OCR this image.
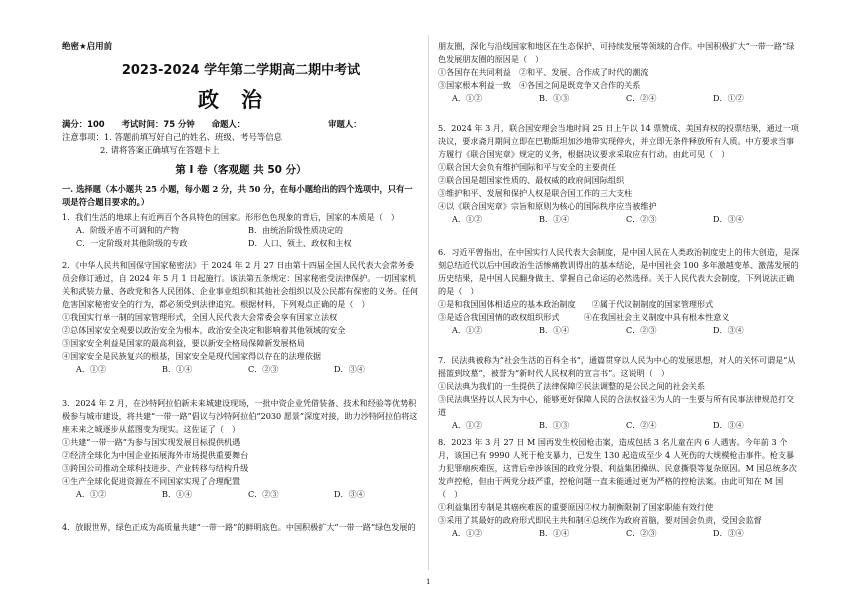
绝密★启用前
2023-2024 学年第二学期高二期中考试
政治
满分：100 考试时间：75 分钟 命题人：	审题人：
注意事项：1. 答题前填写好自己的姓名、班级、考号等信息
2. 请将答案正确填写在答题卡上
第 I 卷（客观题 共 50 分）
一. 选择题（本小题共 25 小题，每小题 2 分，共 50 分，在每小题给出的四个选项中，只有一项是符合题目要求的。）

1．我们生活的地球上有近两百个各具特色的国家。形形色色现象的背后，国家的本质是（　）

A．阶级矛盾不可调和的产物	B．由统治阶级性质决定的
C．一定阶级对其他阶级的专政	D．人口、领土、政权和主权

2．《中华人民共和国保守国家秘密法》于 2024 年 2 月 27 日由第十四届全国人民代表大会常务委员会修订通过，自 2024 年 5 月 1 日起施行。该法第五条规定：国家秘密受法律保护。一切国家机关和武装力量、各政党和各人民团体、企业事业组织和其他社会组织以及公民都有保密的义务。任何危害国家秘密安全的行为，都必须受到法律追究。根据材料，下列观点正确的是（　）

①我国实行单一制的国家管理形式，全国人民代表大会常委会享有国家立法权

②总体国家安全观要以政治安全为根本，政治安全决定和影响着其他领域的安全

③国家安全利益是国家的最高利益，要以新安全格局保障新发展格局

④国家安全是民族复兴的根基，国家安全是现代国家得以存在的法理依据

A．①②	B．①④	C．②③	D．③④

3．2024 年 2 月，在沙特阿拉伯新未来城建设现场，一批中资企业凭借装备、技术和经验等优势积极参与城市建设，将共建“一带一路”倡议与沙特阿拉伯“2030 愿景”深度对接，助力沙特阿拉伯将这座未来之城逐步从蓝图变为现实。这佐证了（　）

①共建“一带一路”为参与国实现发展目标提供机遇

②经济全球化为中国企业拓展海外市场提供重要舞台

③跨国公司推动全球科技进步、产业转移与结构升级

④生产全球化促进资源在不同国家实现了合理配置

A．①②	B．①④	C．②③	D．③④

4．放眼世界，绿色正成为高质量共建“一带一路”的鲜明底色。中国积极扩大“一带一路”绿色发展的

朋友圈，深化与沿线国家和地区在生态保护、可持续发展等领域的合作。中国积极扩大“一带一路”绿色发展朋友圈的原因是（　）

①各国存在共同利益　②和平、发展、合作成了时代的潮流

③国家根本利益一致　④各国之间是既竞争又合作的关系

A．①②	B．①③	C．②④	D．①②

5．2024 年 3 月，联合国安理会当地时间 25 日上午以 14 票赞成、美国弃权的投票结果，通过一项决议，要求斋月期间立即在巴勒斯坦加沙地带实现停火，并立即无条件释放所有人质。中方要求当事方履行《联合国宪章》规定的义务，根据决议要求采取应有行动。由此可见（　）

①联合国大会负有维护国际和平与安全的主要责任

②联合国是超国家性质的、最权威的政府间国际组织

③维护和平、发展和保护人权是联合国工作的三大支柱

④以《联合国宪章》宗旨和原则为核心的国际秩序应当被维护

A．①②	B．①④	C．②③	D．③④

6．习近平曾指出，在中国实行人民代表大会制度，是中国人民在人类政治制度史上的伟大创造，是深刻总结近代以后中国政治生活惨痛教训得出的基本结论，是中国社会 100 多年激越变革、激荡发展的历史结果，是中国人民翻身做主、掌握自己命运的必然选择。关于人民代表大会制度，下列说法正确的是（　）

①是和我国国体相适应的基本政治制度　　②属于代议制制度的国家管理形式

③是适合我国国情的政权组织形式　　　④在我国社会主义制度中具有根本性意义

A．①②	B．①④	C．②③	D．③④

7．民法典被称为“社会生活的百科全书”，通篇贯穿以人民为中心的发展思想，对人的关怀可谓是“从摇篮到坟墓”，被誉为“新时代人民权利的宣言书”。这说明（　）

①民法典为我们的一生提供了法律保障②民法调整的是公民之间的社会关系

③民法典坚持以人民为中心，能够更好保障人民的合法权益④为人的一生要与所有民事法律规范打交道

A．①②	B．①③	C．②④	D．③④

8．2023 年 3 月 27 日 M 国再发生校园枪击案，造成包括 3 名儿童在内 6 人遇害。今年前 3 个月，该国已有 9990 人死于枪支暴力，已发生 130 起造成至少 4 人死伤的大规模枪击事件。枪支暴力犯罪痼疾难医，这背后牵涉该国的政党分裂、利益集团操纵、民意撕裂等复杂原因。M 国总统多次发声控枪，但由于两党分歧严重，控枪问题一直未能通过更为严格的控枪法案。由此可知在 M 国（　）

①利益集团专制是其癌疾难医的重要原因②权力制衡限制了国家职能有效行使

③采用了其最好的政府形式即民主共和制④总统作为政府首脑，要对国会负责，受国会监督

A．①②	B．①④	C．②③	D．③④
1
